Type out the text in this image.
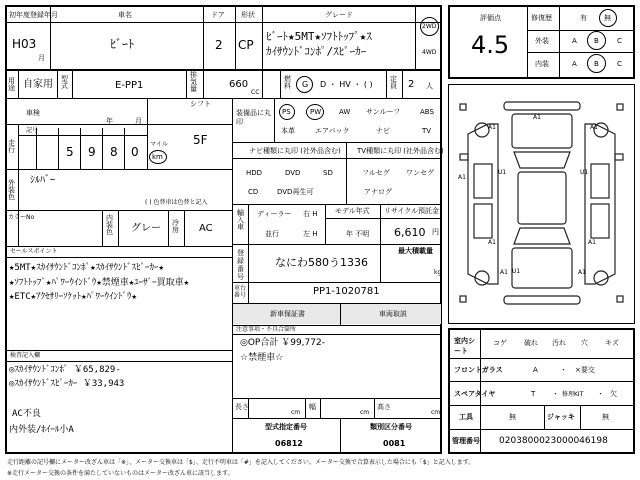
初年度登録年月
H03
月
車名
ﾋﾞｰﾄ
ドア
2
形状
CP
グレード
ﾋﾞｰﾄ★5MT★ｿﾌﾄﾄｯﾌﾟ★ｽ
ｶｲｻｳﾝﾄﾞｺﾝﾎﾟ/ｽﾋﾟｰｶｰ
2WD
4WD
用途 自家用 型式	E-PP1
排気量	660
CC
燃料 G D ・ HV ・ ( )
定員 2 人
車検
年	月
シフト
5F
走行
記号
5 9 8 0
マイル
km
外装色
ｼﾙﾊﾞｰ
( ) 色替車は色替と記入
カラーNo	内装色 グレー 冷房 AC
セールスポイント
★5MT★ｽｶｲｻｳﾝﾄﾞｺﾝﾎﾟ★ｽｶｲｻｳﾝﾄﾞｽﾋﾟｰｶｰ★
★ｿﾌﾄﾄｯﾌﾟ★ﾊﾟﾜｰｳｲﾝﾄﾞｳ★禁煙車★ﾕｰｻﾞｰ買取車★
★ETC★ｱｸｾｻﾘｰｿｹｯﾄ★ﾊﾟﾜｰｳｲﾝﾄﾞｳ★
検査記入欄
◎ｽｶｲｻｳﾝﾄﾞｺﾝﾎﾟ ￥65,829-
◎ｽｶｲｻｳﾝﾄﾞｽﾋﾟｰｶｰ ￥33,943
AC不良
内外装/ﾎｲｰﾙ小A
装備品に丸印
PS	PW	AW サンルーフ	ABS
本革	エアバック	ナビ	TV
ナビ種類に丸印 (社外品含む) TV種類に丸印 (社外品含む)
HDD	DVD	SD
CD	DVD再生可
フルセグ ワンセグ
アナログ
輸入車
ディーラー
並行
右 H
左 H
モデル年式
年 不明
リサイクル預託金
6,610 円
登録番号
なにわ580う1336
最大積載量
kg
車台番号	PP1-1020781
新車保証書	車両取説
注意事項・不具合箇所
◎OP合計 ￥99,772-
☆禁煙車☆
長さ
cm
幅
cm
高さ
cm
型式指定番号
06812
類別区分番号
0081
評価点
4.5
修復歴	有 無
外装	A B	C
内装	A B	C
A1
A1	A1
A1
U1	U1
A1	A1
A1	A1
U1
室内シート
コゲ 破れ 汚れ 穴 キズ
フロントガラス	A	・ ×要交
スペアタイヤ	T ・ 修理KIT ・ 欠
工具	無	ジャッキ	無
管理番号 0203800023000046198
走行距離の記号欄にメーター改ざん車は「※」、メーター交換車は「$」、走行不明車は「#」を記入してください。メーター交換で合算表示した場合にも「$」と記入します。
※走行メーター交換の条件を満たしていないものはメーター改ざん車に該当します。
